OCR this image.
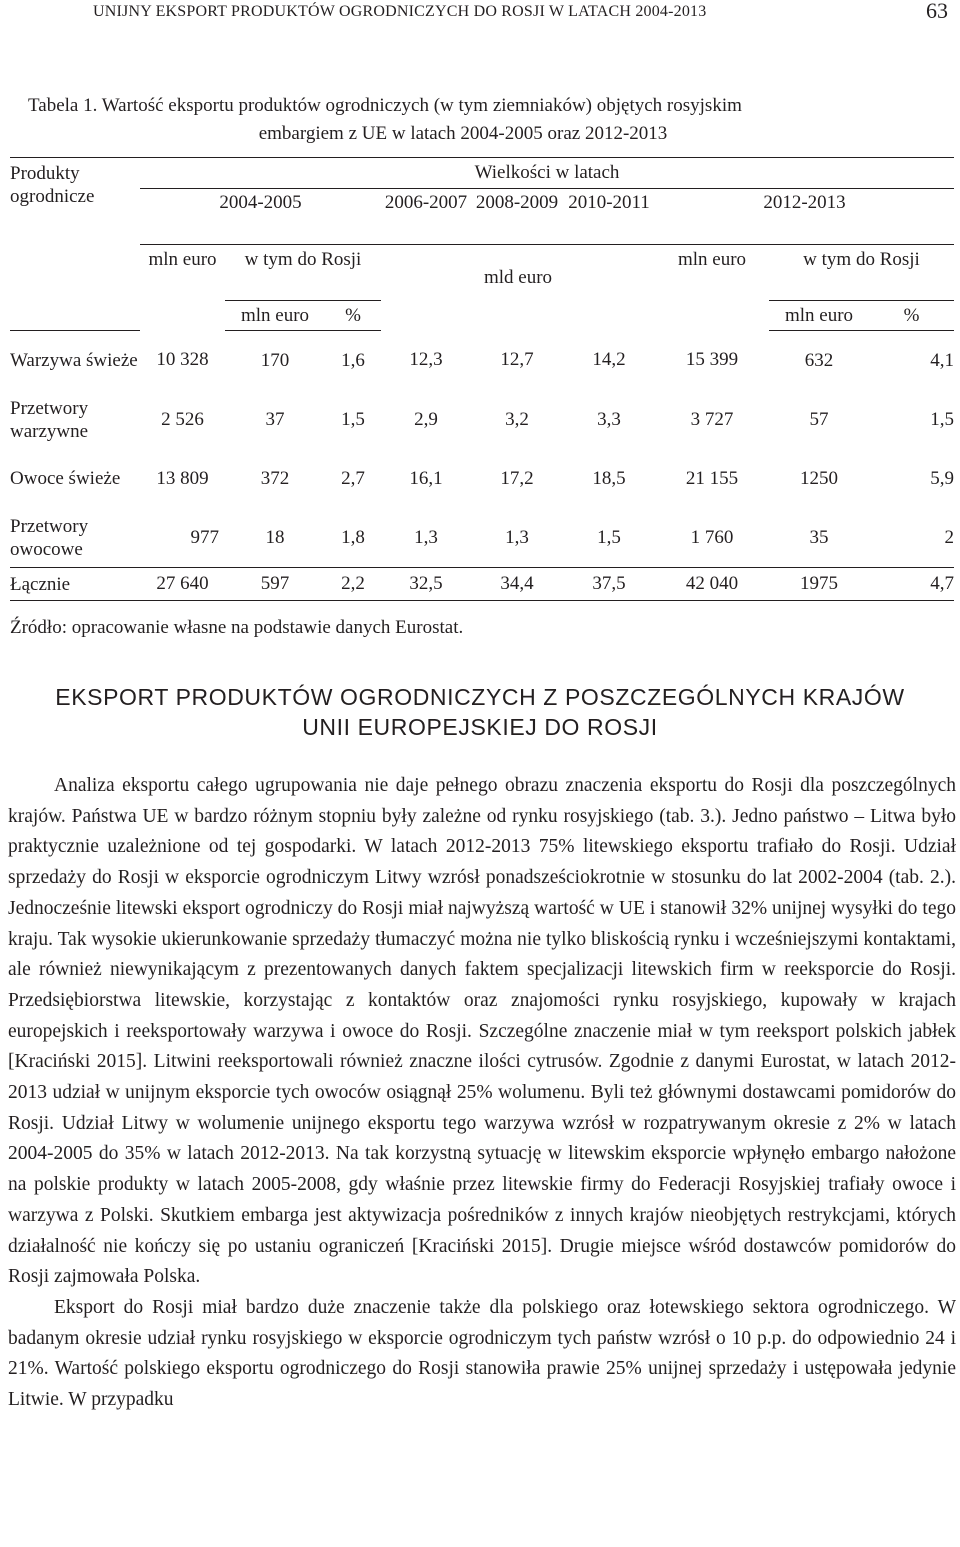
UNIJNY EKSPORT PRODUKTÓW OGRODNICZYCH DO ROSJI W LATACH 2004-2013	63
Tabela 1. Wartość eksportu produktów ogrodniczych (w tym ziemniaków) objętych rosyjskim
embargiem z UE w latach 2004-2005 oraz 2012-2013
Produkty ogrodnicze	Wielkości w latach								
	2004-2005			2006-2007	2008-2009	2010-2011	2012-2013		
	mln euro	w tym do Rosji		mld euro			mln euro	w tym do Rosji	
		mln euro	%					mln euro	%
Warzywa świeże	10 328	170	1,6	12,3	12,7	14,2	15 399	632	4,1
Przetwory warzywne	2 526	37	1,5	2,9	3,2	3,3	3 727	57	1,5
Owoce świeże	13 809	372	2,7	16,1	17,2	18,5	21 155	1250	5,9
Przetwory owocowe	977	18	1,8	1,3	1,3	1,5	1 760	35	2
Łącznie	27 640	597	2,2	32,5	34,4	37,5	42 040	1975	4,7
Źródło: opracowanie własne na podstawie danych Eurostat.
EKSPORT PRODUKTÓW OGRODNICZYCH Z POSZCZEGÓLNYCH KRAJÓW
UNII EUROPEJSKIEJ DO ROSJI

Analiza eksportu całego ugrupowania nie daje pełnego obrazu znaczenia eksportu do Rosji dla poszczególnych krajów. Państwa UE w bardzo różnym stopniu były zależne od rynku rosyjskiego (tab. 3.). Jedno państwo – Litwa było praktycznie uzależnione od tej gospodarki. W latach 2012-2013 75% litewskiego eksportu trafiało do Rosji. Udział sprzedaży do Rosji w eksporcie ogrodniczym Litwy wzrósł ponadsześciokrotnie w stosunku do lat 2002-2004 (tab. 2.). Jednocześnie litewski eksport ogrodniczy do Rosji miał najwyższą wartość w UE i stanowił 32% unijnej wysyłki do tego kraju. Tak wysokie ukierunkowanie sprzedaży tłumaczyć można nie tylko bliskością rynku i wcześniejszymi kontaktami, ale również niewynikającym z prezentowanych danych faktem specjalizacji litewskich firm w reeksporcie do Rosji. Przedsiębiorstwa litewskie, korzystając z kontaktów oraz znajomości rynku rosyjskiego, kupowały w krajach europejskich i reeksportowały warzywa i owoce do Rosji. Szczególne znaczenie miał w tym reeksport polskich jabłek [Kraciński 2015]. Litwini reeksportowali również znaczne ilości cytrusów. Zgodnie z danymi Eurostat, w latach 2012-2013 udział w unijnym eksporcie tych owoców osiągnął 25% wolumenu. Byli też głównymi dostawcami pomidorów do Rosji. Udział Litwy w wolumenie unijnego eksportu tego warzywa wzrósł w rozpatrywanym okresie z 2% w latach 2004-2005 do 35% w latach 2012-2013. Na tak korzystną sytuację w litewskim eksporcie wpłynęło embargo nałożone na polskie produkty w latach 2005-2008, gdy właśnie przez litewskie firmy do Federacji Rosyjskiej trafiały owoce i warzywa z Polski. Skutkiem embarga jest aktywizacja pośredników z innych krajów nieobjętych restrykcjami, których działalność nie kończy się po ustaniu ograniczeń [Kraciński 2015]. Drugie miejsce wśród dostawców pomidorów do Rosji zajmowała Polska.

Eksport do Rosji miał bardzo duże znaczenie także dla polskiego oraz łotewskiego sektora ogrodniczego. W badanym okresie udział rynku rosyjskiego w eksporcie ogrodniczym tych państw wzrósł o 10 p.p. do odpowiednio 24 i 21%. Wartość polskiego eksportu ogrodniczego do Rosji stanowiła prawie 25% unijnej sprzedaży i ustępowała jedynie Litwie. W przypadku
